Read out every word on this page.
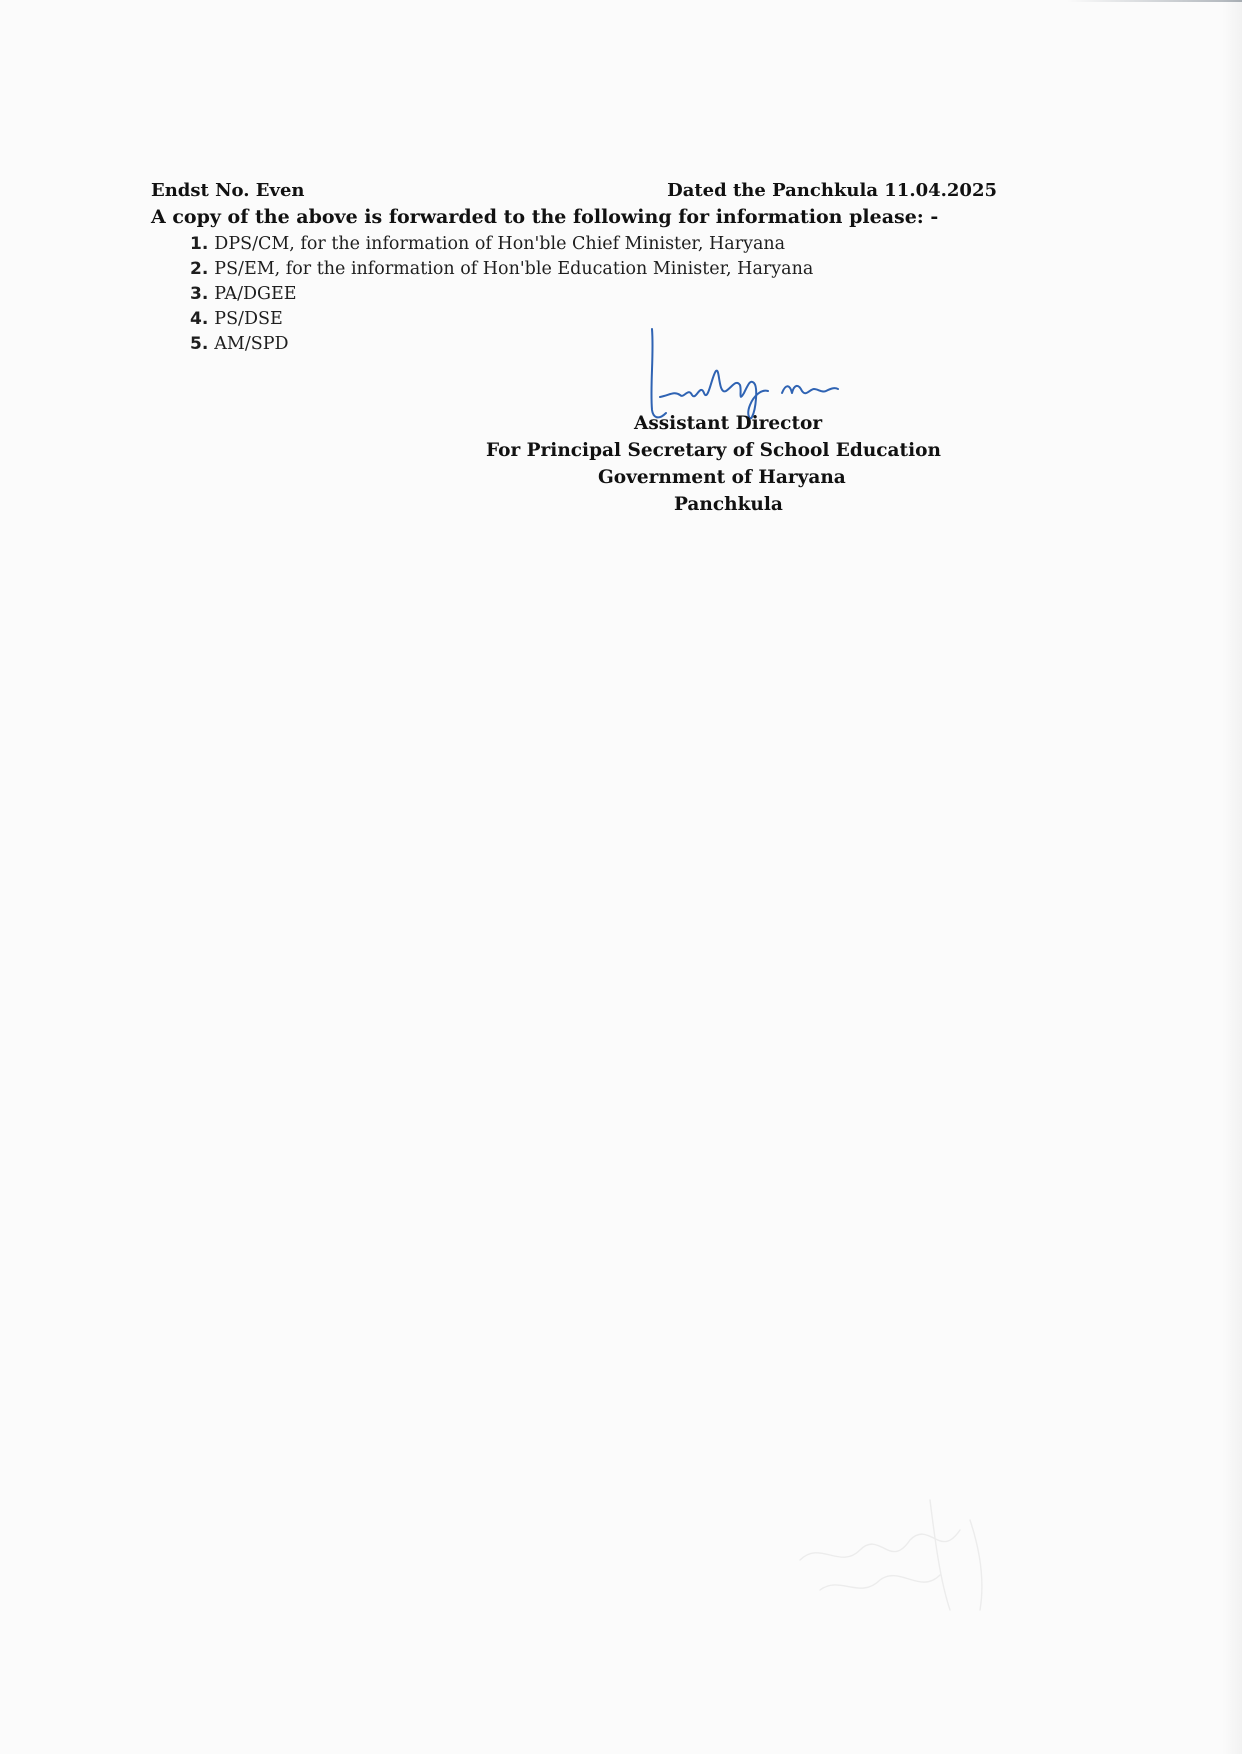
Endst No. Even	Dated the Panchkula 11.04.2025
A copy of the above is forwarded to the following for information please: -
1. DPS/CM, for the information of Hon'ble Chief Minister, Haryana
2. PS/EM, for the information of Hon'ble Education Minister, Haryana
3. PA/DGEE
4. PS/DSE
5. AM/SPD
Assistant Director
For Principal Secretary of School Education
Government of Haryana
Panchkula
